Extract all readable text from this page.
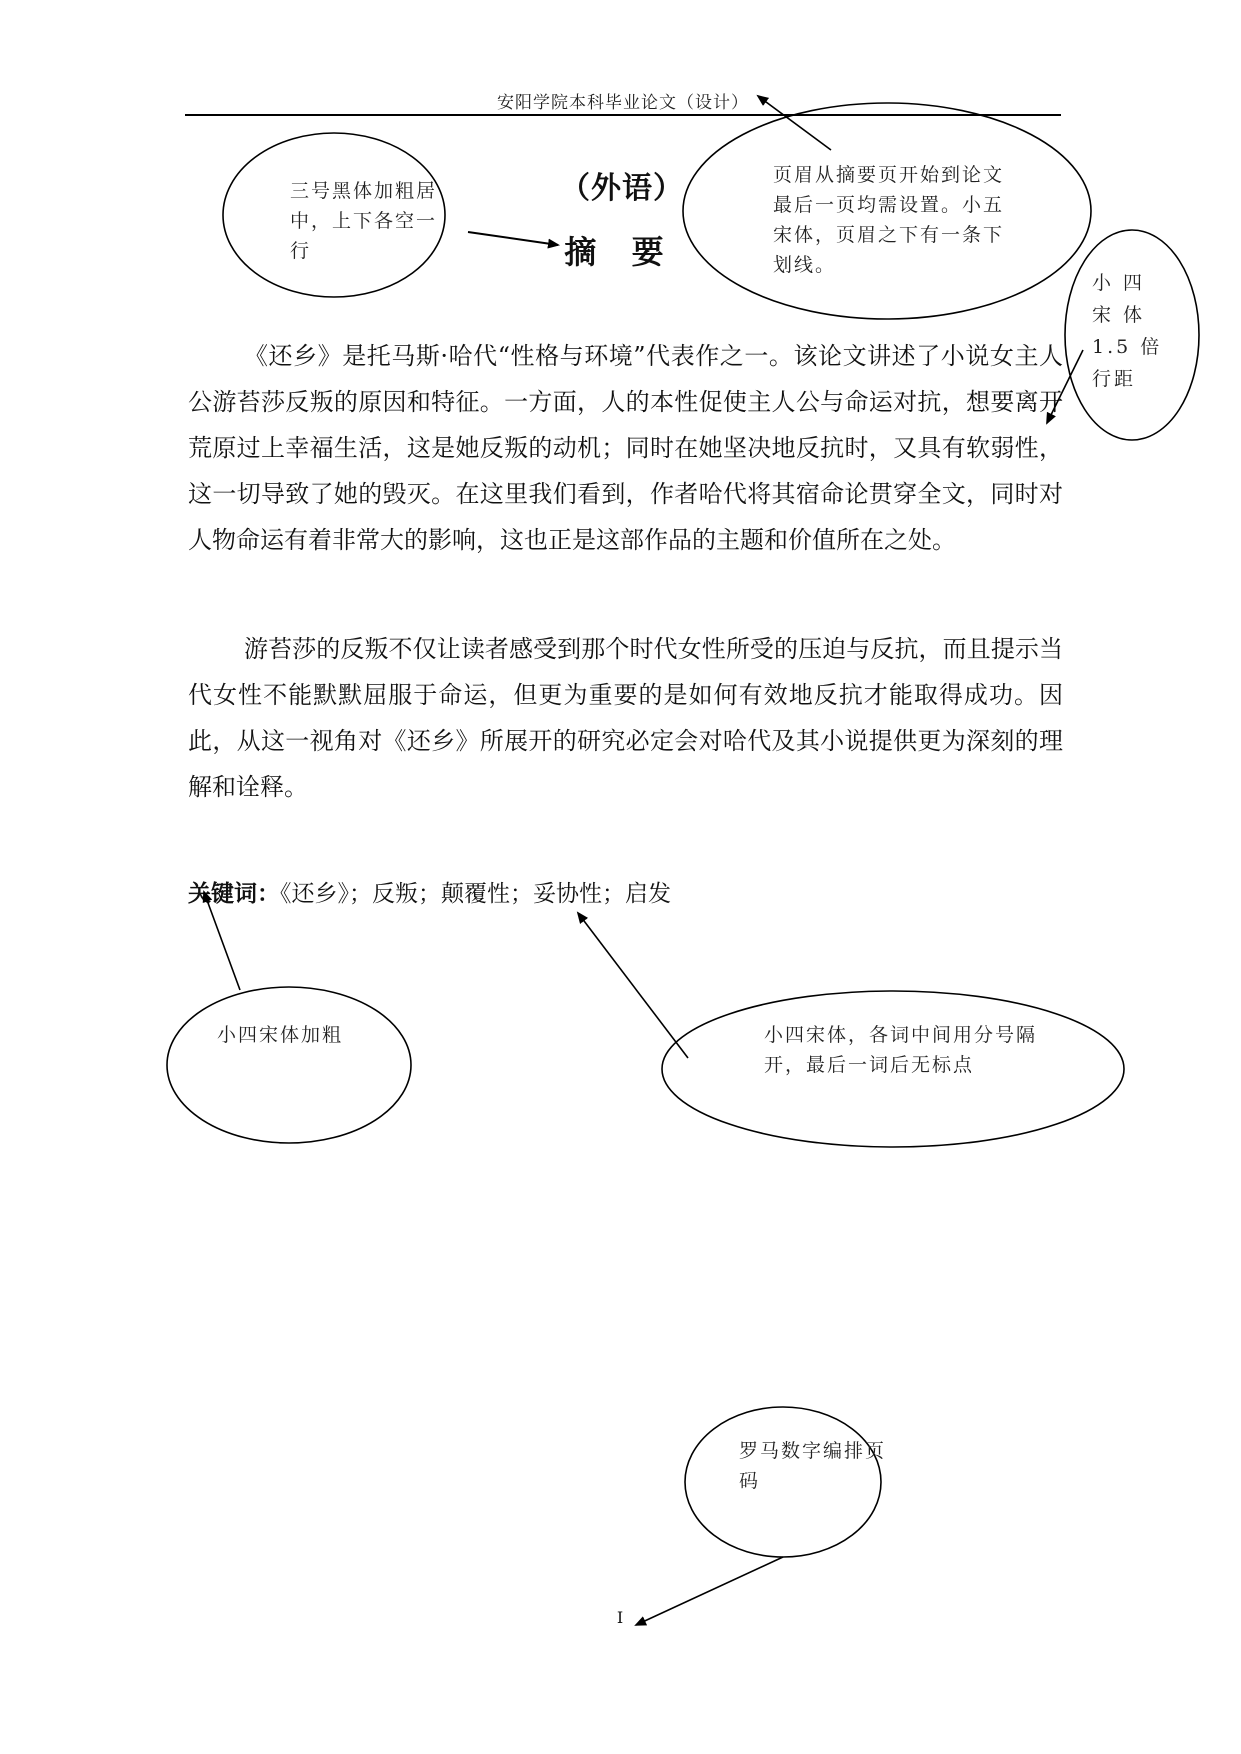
安阳学院本科毕业论文（设计）
（外语）
摘 要

《还乡》是托马斯·哈代“性格与环境”代表作之一。该论文讲述了小说女主人公游苔莎反叛的原因和特征。一方面，人的本性促使主人公与命运对抗，想要离开荒原过上幸福生活，这是她反叛的动机；同时在她坚决地反抗时，又具有软弱性，这一切导致了她的毁灭。在这里我们看到，作者哈代将其宿命论贯穿全文，同时对人物命运有着非常大的影响，这也正是这部作品的主题和价值所在之处。

游苔莎的反叛不仅让读者感受到那个时代女性所受的压迫与反抗，而且提示当代女性不能默默屈服于命运，但更为重要的是如何有效地反抗才能取得成功。因此，从这一视角对《还乡》所展开的研究必定会对哈代及其小说提供更为深刻的理解和诠释。

关键词：《还乡》；反叛；颠覆性；妥协性；启发
三号黑体加粗居中，上下各空一行
页眉从摘要页开始到论文最后一页均需设置。小五宋体，页眉之下有一条下划线。
小 四 宋 体 1.5 倍 行距
小四宋体加粗	小四宋体，各词中间用分号隔开，最后一词后无标点
罗马数字编排页码
I
